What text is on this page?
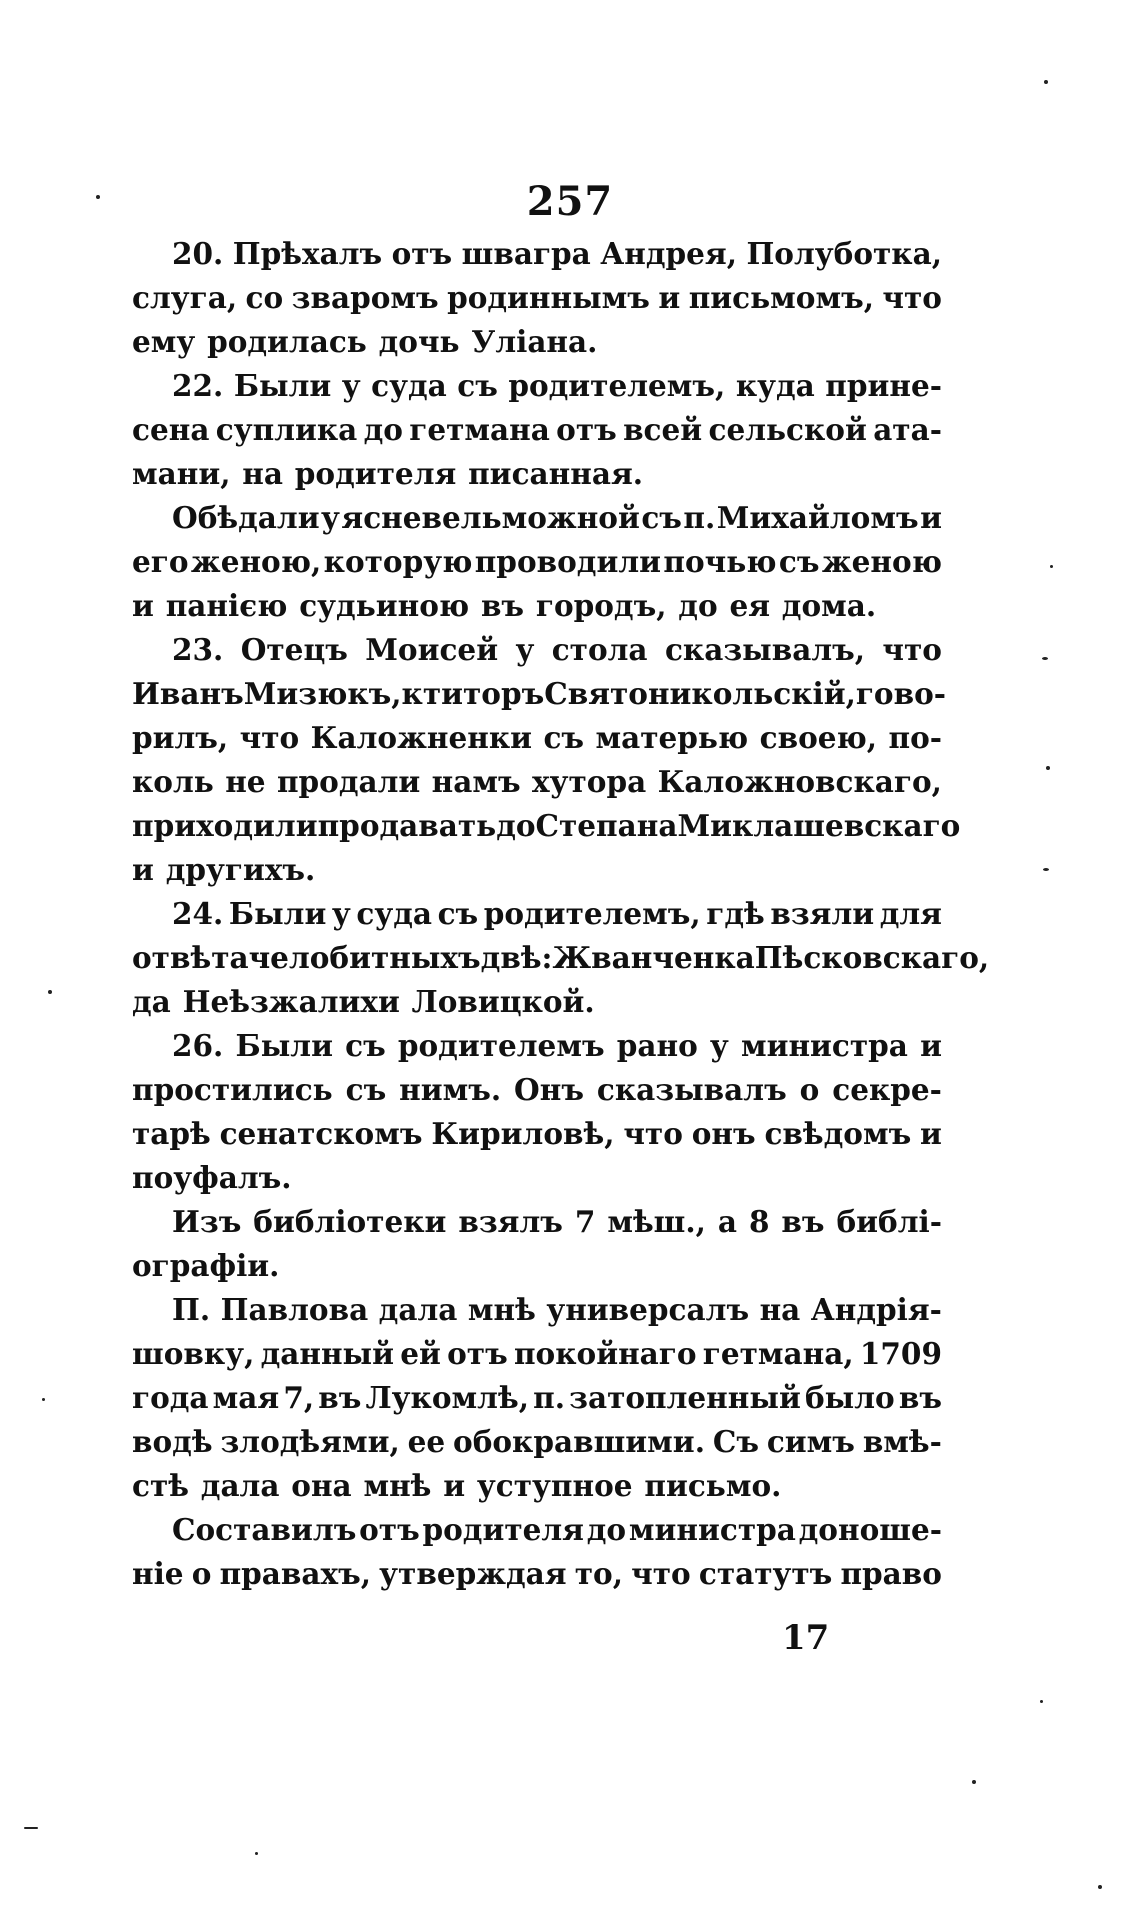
257
20. Прѣхалъ отъ швагра Андрея, Полуботка,
слуга, со зваромъ родиннымъ и письмомъ, что
ему родилась дочь Уліана.
22. Были у суда съ родителемъ, куда прине-
сена суплика до гетмана отъ всей сельской ата-
мани, на родителя писанная.
Обѣдали у ясневельможной съ п. Михайломъ и
его женою, которую проводили почью съ женою
и панією судьиною въ городъ, до ея дома.
23. Отецъ Моисей у стола сказывалъ, что
Иванъ Мизюкъ, ктиторъ Святоникольскій, гово-
рилъ, что Каложненки съ матерью своею, по-
коль не продали намъ хутора Каложновскаго,
приходили продавать до Степана Миклашевскаго
и другихъ.
24. Были у суда съ родителемъ, гдѣ взяли для
отвѣта челобитныхъ двѣ: Жванченка Пѣсковскаго,
да Неѣзжалихи Ловицкой.
26. Были съ родителемъ рано у министра и
простились съ нимъ. Онъ сказывалъ о секре-
тарѣ сенатскомъ Кириловѣ, что онъ свѣдомъ и
поуфалъ.
Изъ библіотеки взялъ 7 мѣш., а 8 въ библі-
ографіи.
П. Павлова дала мнѣ универсалъ на Андрія-
шовку, данный ей отъ покойнаго гетмана, 1709
года мая 7, въ Лукомлѣ, п. затопленный было въ
водѣ злодѣями, ее обокравшими. Съ симъ вмѣ-
стѣ дала она мнѣ и уступное письмо.
Составилъ отъ родителя до министра доноше-
ніе о правахъ, утверждая то, что статутъ право
17
